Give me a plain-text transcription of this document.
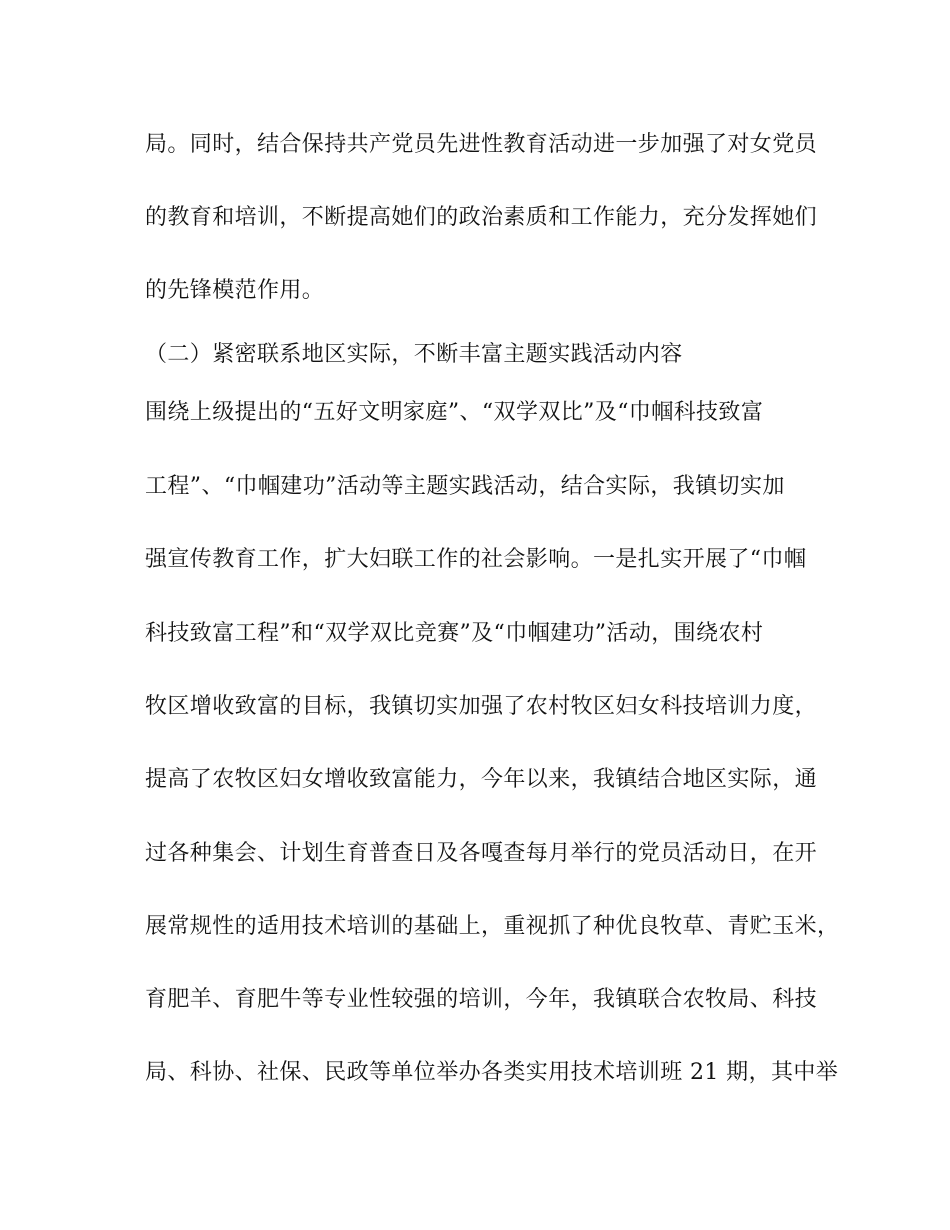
局。同时，结合保持共产党员先进性教育活动进一步加强了对女党员

的教育和培训，不断提高她们的政治素质和工作能力，充分发挥她们

的先锋模范作用。

（二）紧密联系地区实际，不断丰富主题实践活动内容

围绕上级提出的“五好文明家庭”、“双学双比”及“巾帼科技致富

工程”、“巾帼建功”活动等主题实践活动，结合实际，我镇切实加

强宣传教育工作，扩大妇联工作的社会影响。一是扎实开展了“巾帼

科技致富工程”和“双学双比竞赛”及“巾帼建功”活动，围绕农村

牧区增收致富的目标，我镇切实加强了农村牧区妇女科技培训力度，

提高了农牧区妇女增收致富能力，今年以来，我镇结合地区实际，通

过各种集会、计划生育普查日及各嘎查每月举行的党员活动日，在开

展常规性的适用技术培训的基础上，重视抓了种优良牧草、青贮玉米，

育肥羊、育肥牛等专业性较强的培训，今年，我镇联合农牧局、科技

局、科协、社保、民政等单位举办各类实用技术培训班 21 期，其中举
